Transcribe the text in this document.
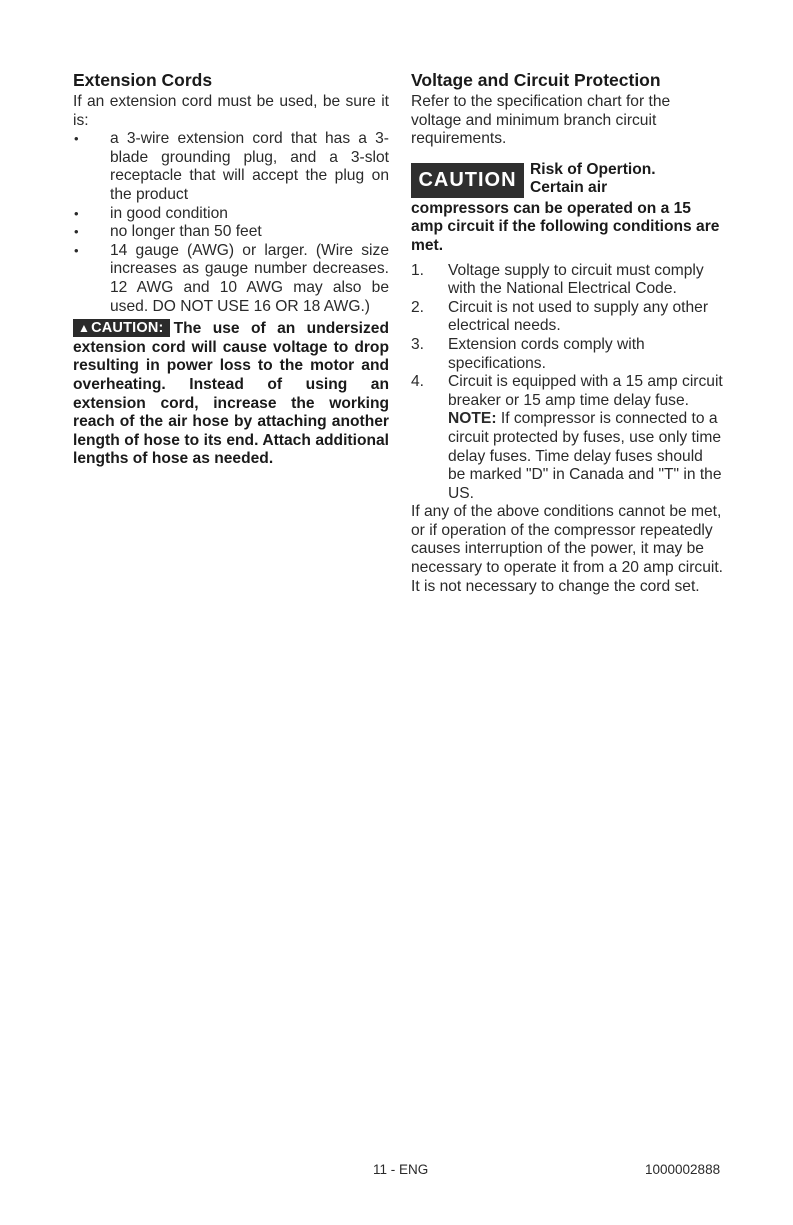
Extension Cords

If an extension cord must be used, be sure it is:

• a 3-wire extension cord that has a 3-blade grounding plug, and a 3-slot receptacle that will accept the plug on the product
• in good condition
• no longer than 50 feet
• 14 gauge (AWG) or larger. (Wire size increases as gauge number decreases. 12 AWG and 10 AWG may also be used. DO NOT USE 16 OR 18 AWG.)
▲CAUTION: The use of an undersized extension cord will cause voltage to drop resulting in power loss to the motor and overheating. Instead of using an extension cord, increase the working reach of the air hose by attaching another length of hose to its end. Attach additional lengths of hose as needed.
Voltage and Circuit Protection

Refer to the specification chart for the voltage and minimum branch circuit requirements.

CAUTION Risk of Opertion.
Certain air

compressors can be operated on a 15 amp circuit if the following conditions are met.

1. Voltage supply to circuit must comply with the National Electrical Code.
2. Circuit is not used to supply any other electrical needs.
3. Extension cords comply with specifications.
4. Circuit is equipped with a 15 amp circuit breaker or 15 amp time delay fuse. NOTE: If compressor is connected to a circuit protected by fuses, use only time delay fuses. Time delay fuses should be marked "D" in Canada and "T" in the US.

If any of the above conditions cannot be met, or if operation of the compressor repeatedly causes interruption of the power, it may be necessary to operate it from a 20 amp circuit. It is not necessary to change the cord set.

11 - ENG	1000002888
